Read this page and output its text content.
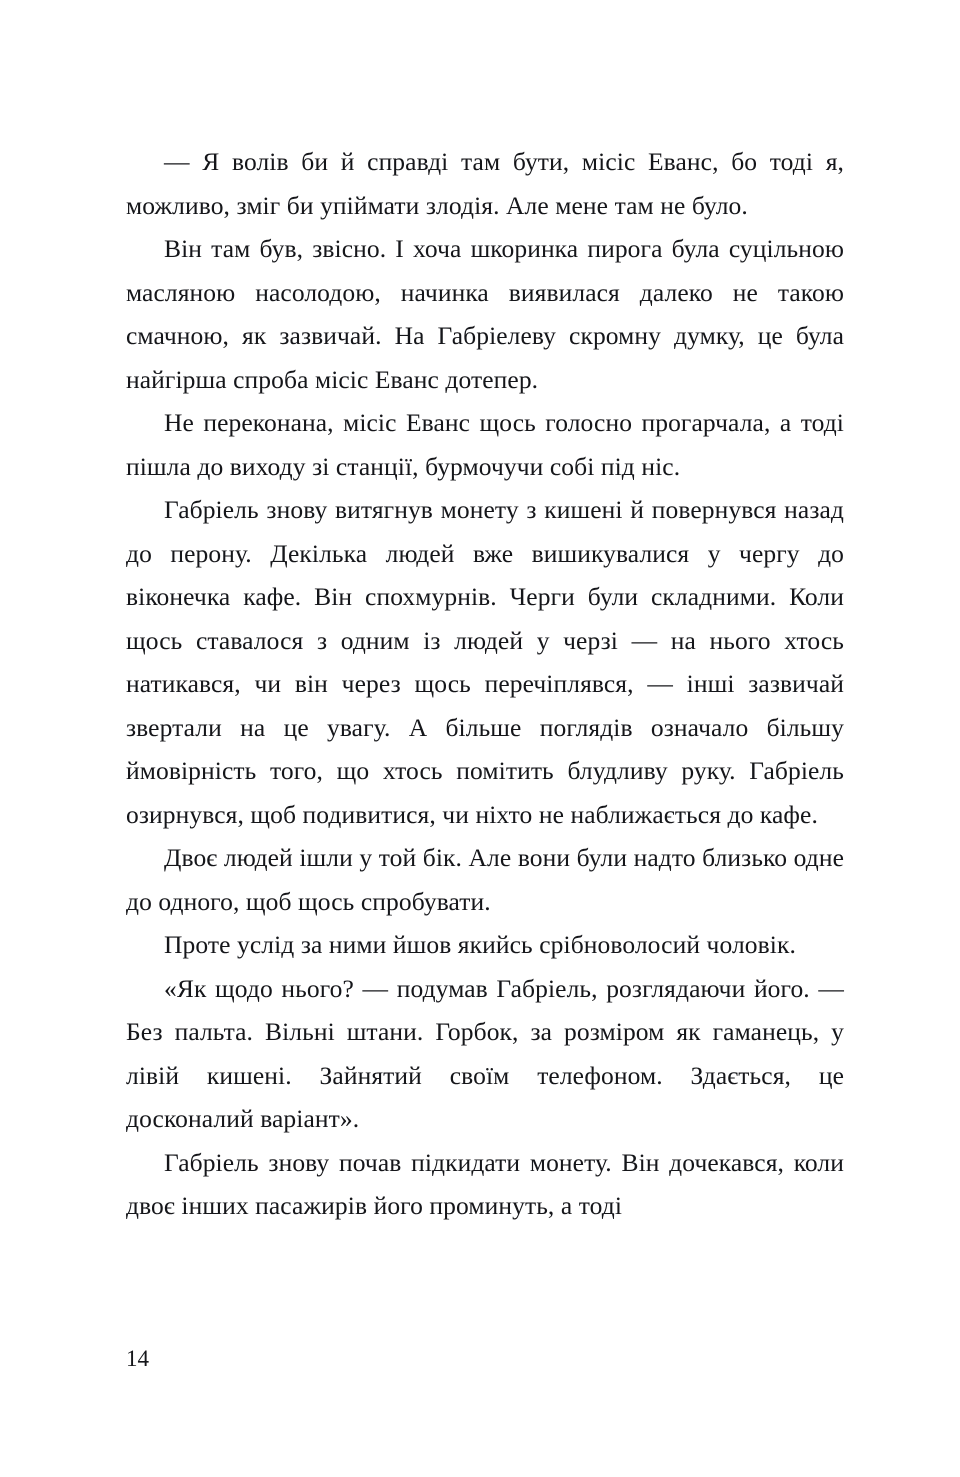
— Я волів би й справді там бути, місіс Еванс, бо тоді я, можливо, зміг би упіймати злодія. Але мене там не було.

Він там був, звісно. І хоча шкоринка пирога була суцільною масляною насолодою, начинка виявилася далеко не такою смачною, як зазвичай. На Габріелеву скромну думку, це була найгірша спроба місіс Еванс дотепер.

Не переконана, місіс Еванс щось голосно прогарчала, а тоді пішла до виходу зі станції, бурмочучи собі під ніс.

Габріель знову витягнув монету з кишені й повернувся назад до перону. Декілька людей вже вишикувалися у чергу до віконечка кафе. Він спохмурнів. Черги були складними. Коли щось ставалося з одним із людей у черзі — на нього хтось натикався, чи він через щось перечіплявся, — інші зазвичай звертали на це увагу. А більше поглядів означало більшу ймовірність того, що хтось помітить блудливу руку. Габріель озирнувся, щоб подивитися, чи ніхто не наближається до кафе.

Двоє людей ішли у той бік. Але вони були надто близько одне до одного, щоб щось спробувати.

Проте услід за ними йшов якийсь срібноволосий чоловік.

«Як щодо нього? — подумав Габріель, розглядаючи його. — Без пальта. Вільні штани. Горбок, за розміром як гаманець, у лівій кишені. Зайнятий своїм телефоном. Здається, це досконалий варіант».

Габріель знову почав підкидати монету. Він дочекався, коли двоє інших пасажирів його проминуть, а тоді

14
